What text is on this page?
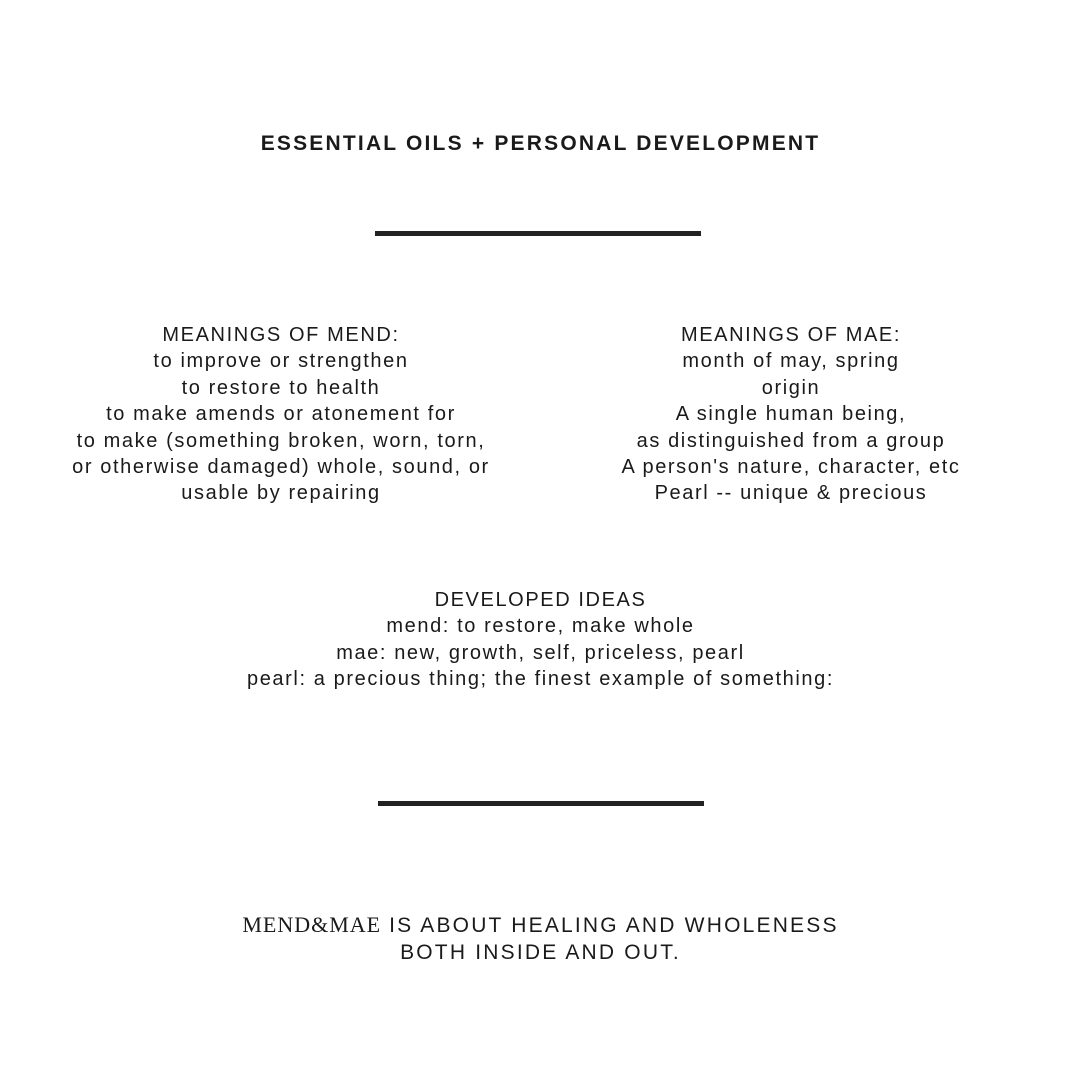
ESSENTIAL OILS + PERSONAL DEVELOPMENT
MEANINGS OF MEND:
to improve or strengthen
to restore to health
to make amends or atonement for
to make (something broken, worn, torn,
or otherwise damaged) whole, sound, or
usable by repairing
MEANINGS OF MAE:
month of may, spring
origin
A single human being,
as distinguished from a group
A person's nature, character, etc
Pearl -- unique & precious
DEVELOPED IDEAS
mend: to restore, make whole
mae: new, growth, self, priceless, pearl
pearl: a precious thing; the finest example of something:
MEND&MAE IS ABOUT HEALING AND WHOLENESS
BOTH INSIDE AND OUT.
